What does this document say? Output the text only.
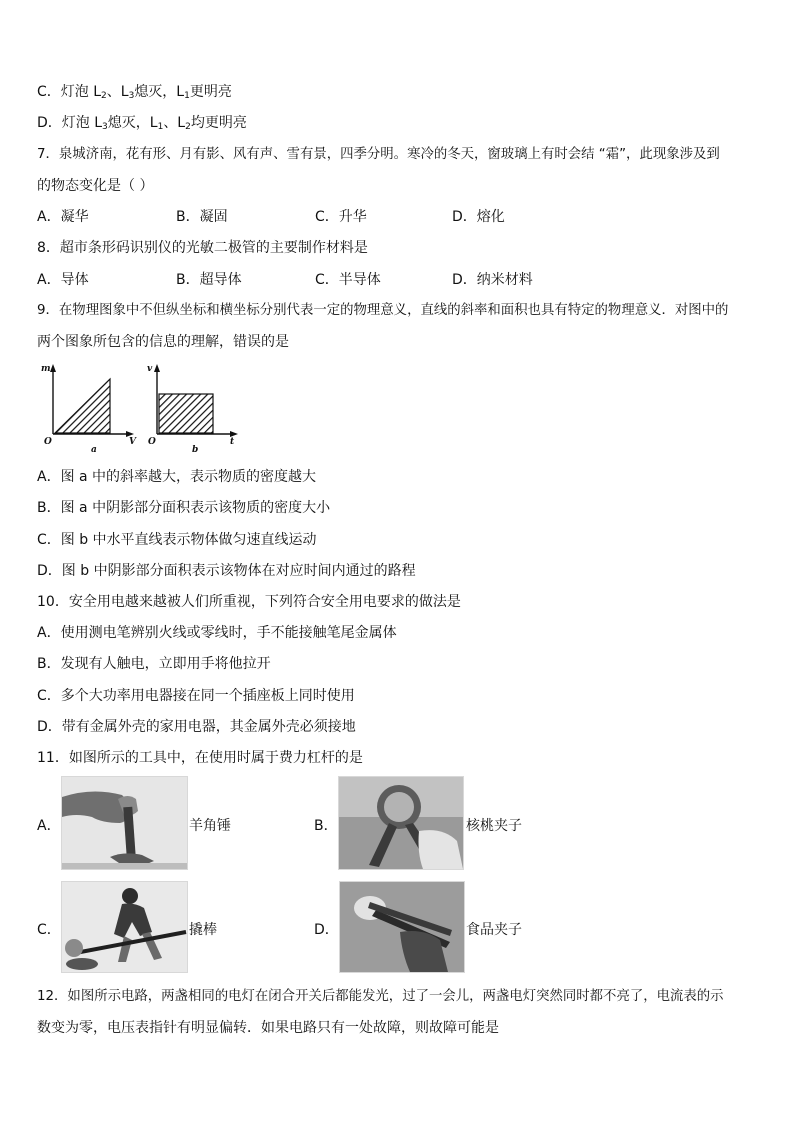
C．灯泡 $L_2$、$L_3$熄灭，$L_1$更明亮
D．灯泡 $L_3$熄灭，$L_1$、$L_2$均更明亮
7．泉城济南，花有形、月有影、风有声、雪有景，四季分明。寒冷的冬天，窗玻璃上有时会结 “霜”，此现象涉及到
的物态变化是（ ）
A．凝华	B．凝固	C．升华	D．熔化
8．超市条形码识别仪的光敏二极管的主要制作材料是
A．导体	B．超导体	C．半导体	D．纳米材料
9．在物理图象中不但纵坐标和横坐标分别代表一定的物理意义，直线的斜率和面积也具有特定的物理意义．对图中的
两个图象所包含的信息的理解，错误的是
m
V
O
a
v
t
O
b
A．图 a 中的斜率越大，表示物质的密度越大
B．图 a 中阴影部分面积表示该物质的密度大小
C．图 b 中水平直线表示物体做匀速直线运动
D．图 b 中阴影部分面积表示该物体在对应时间内通过的路程
10．安全用电越来越被人们所重视，下列符合安全用电要求的做法是
A．使用测电笔辨别火线或零线时，手不能接触笔尾金属体
B．发现有人触电，立即用手将他拉开
C．多个大功率用电器接在同一个插座板上同时使用
D．带有金属外壳的家用电器，其金属外壳必须接地
11．如图所示的工具中，在使用时属于费力杠杆的是
A．	羊角锤	B．	核桃夹子
C．	撬棒	D．	食品夹子
12．如图所示电路，两盏相同的电灯在闭合开关后都能发光，过了一会儿，两盏电灯突然同时都不亮了，电流表的示
数变为零，电压表指针有明显偏转．如果电路只有一处故障，则故障可能是
